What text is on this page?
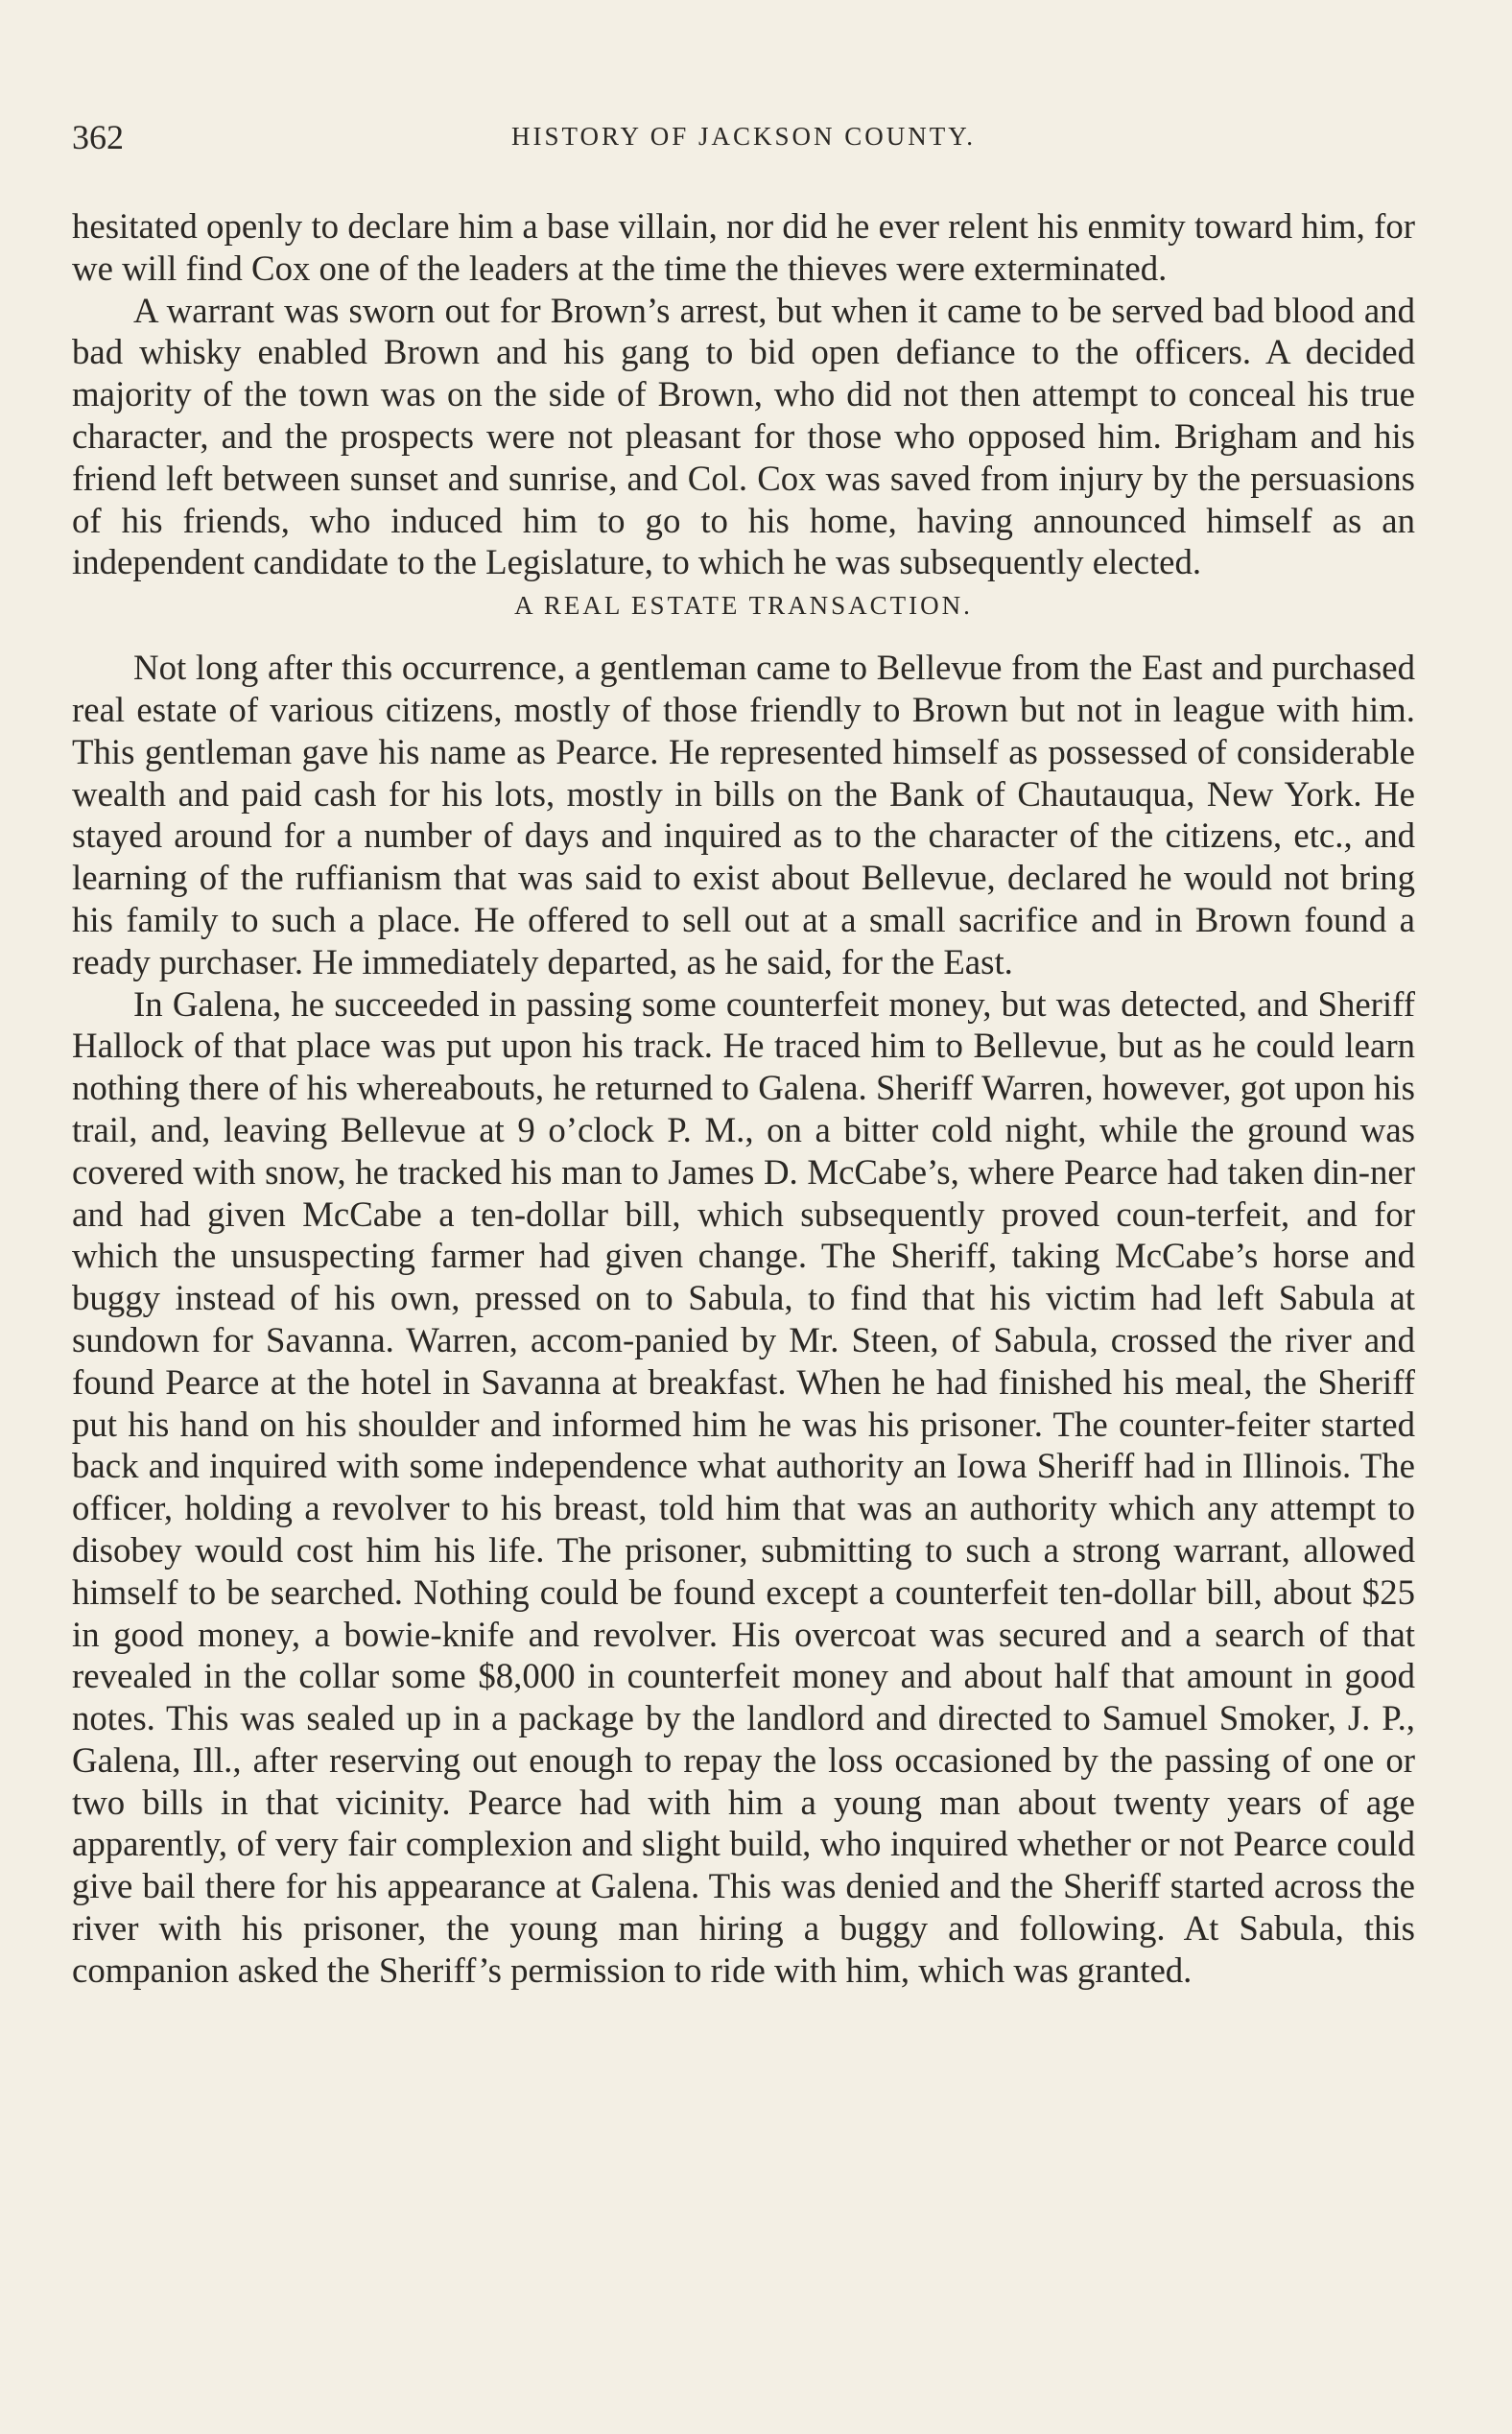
362	HISTORY OF JACKSON COUNTY.

hesitated openly to declare him a base villain, nor did he ever relent his enmity toward him, for we will find Cox one of the leaders at the time the thieves were exterminated.

A warrant was sworn out for Brown’s arrest, but when it came to be served bad blood and bad whisky enabled Brown and his gang to bid open defiance to the officers. A decided majority of the town was on the side of Brown, who did not then attempt to conceal his true character, and the prospects were not pleasant for those who opposed him. Brigham and his friend left between sunset and sunrise, and Col. Cox was saved from injury by the persuasions of his friends, who induced him to go to his home, having announced himself as an independent candidate to the Legislature, to which he was subsequently elected.

A REAL ESTATE TRANSACTION.

Not long after this occurrence, a gentleman came to Bellevue from the East and purchased real estate of various citizens, mostly of those friendly to Brown but not in league with him. This gentleman gave his name as Pearce. He represented himself as possessed of considerable wealth and paid cash for his lots, mostly in bills on the Bank of Chautauqua, New York. He stayed around for a number of days and inquired as to the character of the citizens, etc., and learning of the ruffianism that was said to exist about Bellevue, declared he would not bring his family to such a place. He offered to sell out at a small sacrifice and in Brown found a ready purchaser. He immediately departed, as he said, for the East.

In Galena, he succeeded in passing some counterfeit money, but was detected, and Sheriff Hallock of that place was put upon his track. He traced him to Bellevue, but as he could learn nothing there of his whereabouts, he returned to Galena. Sheriff Warren, however, got upon his trail, and, leaving Bellevue at 9 o’clock P. M., on a bitter cold night, while the ground was covered with snow, he tracked his man to James D. McCabe’s, where Pearce had taken din-ner and had given McCabe a ten-dollar bill, which subsequently proved coun-terfeit, and for which the unsuspecting farmer had given change. The Sheriff, taking McCabe’s horse and buggy instead of his own, pressed on to Sabula, to find that his victim had left Sabula at sundown for Savanna. Warren, accom-panied by Mr. Steen, of Sabula, crossed the river and found Pearce at the hotel in Savanna at breakfast. When he had finished his meal, the Sheriff put his hand on his shoulder and informed him he was his prisoner. The counter-feiter started back and inquired with some independence what authority an Iowa Sheriff had in Illinois. The officer, holding a revolver to his breast, told him that was an authority which any attempt to disobey would cost him his life. The prisoner, submitting to such a strong warrant, allowed himself to be searched. Nothing could be found except a counterfeit ten-dollar bill, about $25 in good money, a bowie-knife and revolver. His overcoat was secured and a search of that revealed in the collar some $8,000 in counterfeit money and about half that amount in good notes. This was sealed up in a package by the landlord and directed to Samuel Smoker, J. P., Galena, Ill., after reserving out enough to repay the loss occasioned by the passing of one or two bills in that vicinity. Pearce had with him a young man about twenty years of age apparently, of very fair complexion and slight build, who inquired whether or not Pearce could give bail there for his appearance at Galena. This was denied and the Sheriff started across the river with his prisoner, the young man hiring a buggy and following. At Sabula, this companion asked the Sheriff’s permission to ride with him, which was granted.
